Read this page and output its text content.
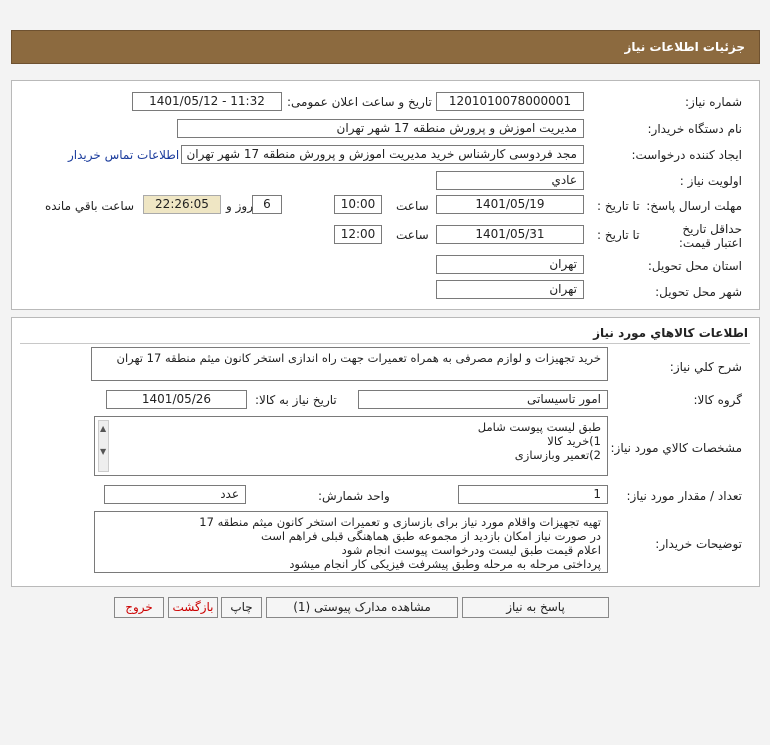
جزئیات اطلاعات نیاز
شماره نیاز:
1201010078000001
تاریخ و ساعت اعلان عمومی:
1401/05/12 - 11:32
نام دستگاه خریدار:
مدیریت اموزش و پرورش منطقه 17 شهر تهران
ایجاد کننده درخواست:
مجد فردوسی کارشناس خرید مدیریت اموزش و پرورش منطقه 17 شهر تهران
اطلاعات تماس خریدار
اولویت نیاز :
عادي
مهلت ارسال پاسخ:
تا تاریخ :
1401/05/19
ساعت
10:00
6
روز و
22:26:05
ساعت باقي مانده
حداقل تاریخ اعتبار قیمت:
تا تاریخ :
1401/05/31
ساعت
12:00
استان محل تحویل:
تهران
شهر محل تحویل:
تهران
اطلاعات کالاهاي مورد نياز
شرح کلي نياز:
خرید تجهیزات و لوازم مصرفی به همراه تعمیرات جهت راه اندازی استخر کانون میثم منطقه 17 تهران
گروه کالا:
امور تاسیساتی
تاریخ نیاز به کالا:
1401/05/26
مشخصات کالاي مورد نياز:
طبق لیست پیوست شامل
1)خرید کالا
2)تعمیر وبازسازی
▲
▼
تعداد / مقدار مورد نیاز:
1
واحد شمارش:
عدد
توضیحات خریدار:
تهیه تجهیزات واقلام مورد نیاز برای بازسازی و تعمیرات استخر کانون میثم منطقه 17
در صورت نیاز امکان بازدید از مجموعه طبق هماهنگی قبلی فراهم است
اعلام قیمت طبق لیست ودرخواست پیوست انجام شود
پرداختی مرحله به مرحله وطبق پیشرفت فیزیکی کار انجام میشود
پاسخ به نیاز
مشاهده مدارک پیوستی (1)
چاپ
بازگشت
خروج
